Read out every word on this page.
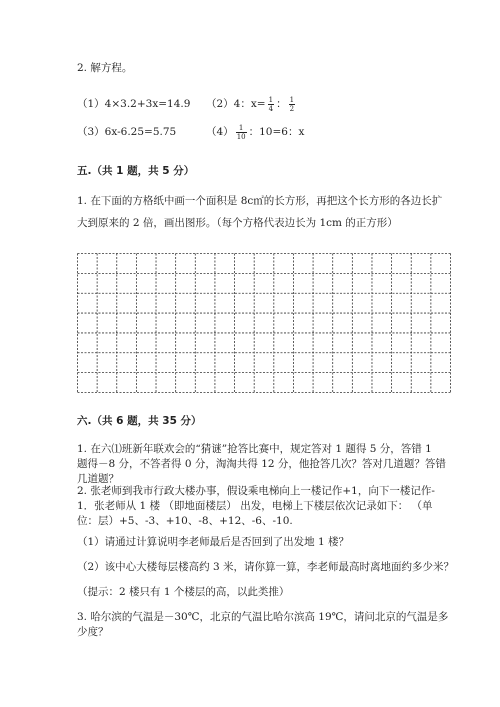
2. 解方程。
（1）4×3.2+3x=14.9 （2）4：$x= \frac{1}{4}$ ： $\frac{1}{2}$
（3）6x-6.25=5.75	$(4) \frac{1}{10}$ ：10=6：x
五.（共 1 题，共 5 分）
1. 在下面的方格纸中画一个面积是 8c㎡的长方形，再把这个长方形的各边长扩
大到原来的 2 倍，画出图形。（每个方格代表边长为 1cm 的正方形）
六.（共 6 题，共 35 分）
1. 在六⑴班新年联欢会的“猜谜”抢答比赛中，规定答对 1 题得 5 分，答错 1
题得－8 分，不答者得 0 分，淘淘共得 12 分，他抢答几次？答对几道题？答错
几道题？
2. 张老师到我市行政大楼办事，假设乘电梯向上一楼记作+1，向下一楼记作-
1．张老师从 1 楼 （即地面楼层） 出发，电梯上下楼层依次记录如下： （单
位：层）+5、-3、+10、-8、+12、-6、-10.
（1）请通过计算说明李老师最后是否回到了出发地 1 楼？
（2）该中心大楼每层楼高约 3 米，请你算一算，李老师最高时离地面约多少米？
（提示：2 楼只有 1 个楼层的高，以此类推）
3. 哈尔滨的气温是－30℃，北京的气温比哈尔滨高 19℃，请问北京的气温是多
少度？
